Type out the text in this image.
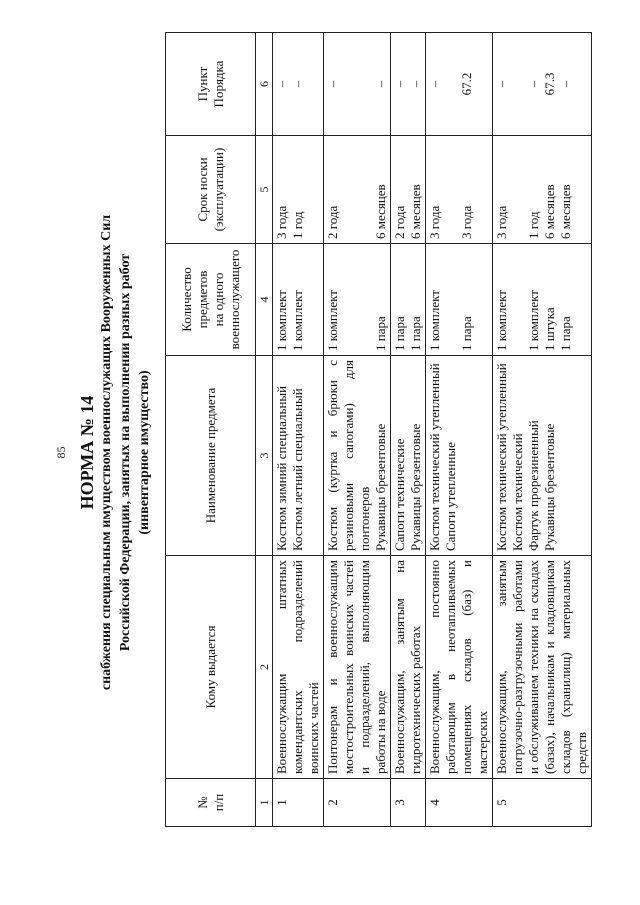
85 НОРМА № 14 снабжения специальным имуществом военнослужащих Вооруженных Сил Российской Федерации, занятых на выполнении разных работ (инвентарное имущество)
№
п/п	Кому выдается	Наименование предмета	Количество
предметов
на одного
военнослужащего	Срок носки
(эксплуатации)	Пункт
Порядка
1	2	3	4	5	6
1	Военнослужащим штатных комендантских подразделений воинских частей	Костюм зимний специальный Костюм летний специальный	1 комплект 1 комплект	3 года 1 год	– –

2	Понтонерам и военнослужащим мостостроительных воинских частей и подразделений, выполняющим работы на воде	Костюм (куртка и брюки с резиновыми сапогами) для понтонеров Рукавицы брезентовые	1 комплект 1 пара	2 года 6 месяцев	– –

3	Военнослужащим, занятым на гидротехнических работах	Сапоги технические Рукавицы брезентовые	1 пара 1 пара	2 года 6 месяцев	– –

4	Военнослужащим, постоянно работающим в неотапливаемых помещениях складов (баз) и мастерских	Костюм технический утепленный Сапоги утепленные	1 комплект 1 пара	3 года 3 года	– 67.2

5	Военнослужащим, занятым погрузочно-разгрузочными работами и обслуживанием техники на складах (базах), начальникам и кладовщикам складов (хранилищ) материальных средств	Костюм технический утепленный Костюм технический Фартук прорезиненный Рукавицы брезентовые	1 комплект 1 комплект 1 штука 1 пара	3 года 1 год 6 месяцев 6 месяцев	– – 67.3 –
